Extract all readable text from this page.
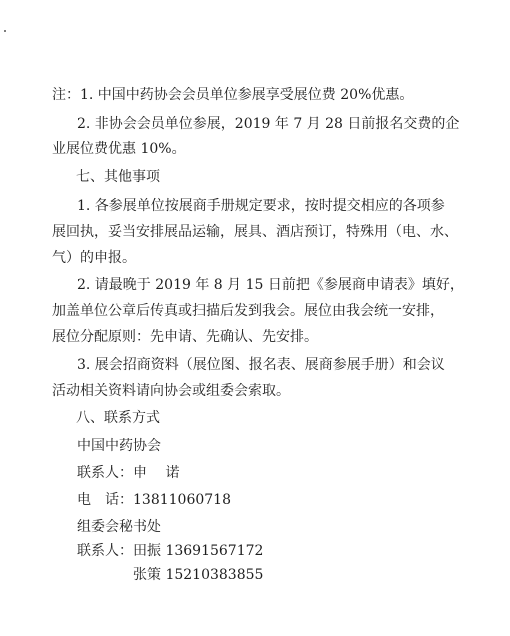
注：1. 中国中药协会会员单位参展享受展位费 20%优惠。
2. 非协会会员单位参展，2019 年 7 月 28 日前报名交费的企
业展位费优惠 10%。
七、其他事项
1. 各参展单位按展商手册规定要求，按时提交相应的各项参
展回执，妥当安排展品运输，展具、酒店预订，特殊用（电、水、
气）的申报。
2. 请最晚于 2019 年 8 月 15 日前把《参展商申请表》填好，
加盖单位公章后传真或扫描后发到我会。展位由我会统一安排，
展位分配原则：先申请、先确认、先安排。
3. 展会招商资料（展位图、报名表、展商参展手册）和会议
活动相关资料请向协会或组委会索取。
八、联系方式
中国中药协会
联系人：申　 诺
电　话：13811060718
组委会秘书处
联系人：田振 13691567172
张策 15210383855
